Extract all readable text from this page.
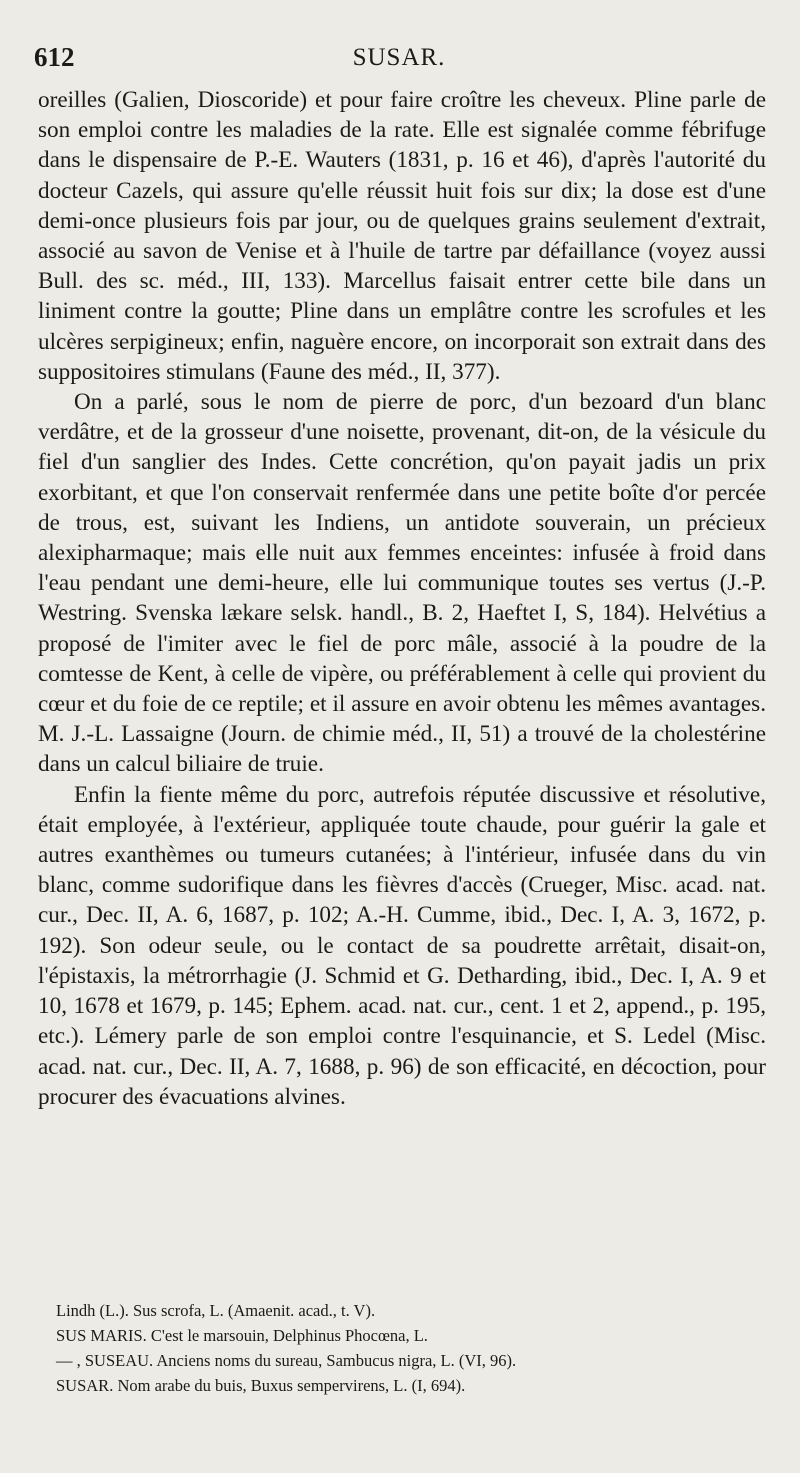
612	SUSAR.

oreilles (Galien, Dioscoride) et pour faire croître les cheveux. Pline parle de son emploi contre les maladies de la rate. Elle est signalée comme fébrifuge dans le dispensaire de P.-E. Wauters (1831, p. 16 et 46), d'après l'autorité du docteur Cazels, qui assure qu'elle réussit huit fois sur dix; la dose est d'une demi-once plusieurs fois par jour, ou de quelques grains seulement d'extrait, associé au savon de Venise et à l'huile de tartre par défaillance (voyez aussi Bull. des sc. méd., III, 133). Marcellus faisait entrer cette bile dans un liniment contre la goutte; Pline dans un emplâtre contre les scrofules et les ulcères serpigineux; enfin, naguère encore, on incorporait son extrait dans des suppositoires stimulans (Faune des méd., II, 377).

On a parlé, sous le nom de pierre de porc, d'un bezoard d'un blanc verdâtre, et de la grosseur d'une noisette, provenant, dit-on, de la vésicule du fiel d'un sanglier des Indes. Cette concrétion, qu'on payait jadis un prix exorbitant, et que l'on conservait renfermée dans une petite boîte d'or percée de trous, est, suivant les Indiens, un antidote souverain, un précieux alexipharmaque; mais elle nuit aux femmes enceintes: infusée à froid dans l'eau pendant une demi-heure, elle lui communique toutes ses vertus (J.-P. Westring. Svenska lækare selsk. handl., B. 2, Haeftet I, S, 184). Helvétius a proposé de l'imiter avec le fiel de porc mâle, associé à la poudre de la comtesse de Kent, à celle de vipère, ou préférablement à celle qui provient du cœur et du foie de ce reptile; et il assure en avoir obtenu les mêmes avantages. M. J.-L. Lassaigne (Journ. de chimie méd., II, 51) a trouvé de la cholestérine dans un calcul biliaire de truie.

Enfin la fiente même du porc, autrefois réputée discussive et résolutive, était employée, à l'extérieur, appliquée toute chaude, pour guérir la gale et autres exanthèmes ou tumeurs cutanées; à l'intérieur, infusée dans du vin blanc, comme sudorifique dans les fièvres d'accès (Crueger, Misc. acad. nat. cur., Dec. II, A. 6, 1687, p. 102; A.-H. Cumme, ibid., Dec. I, A. 3, 1672, p. 192). Son odeur seule, ou le contact de sa poudrette arrêtait, disait-on, l'épistaxis, la métrorrhagie (J. Schmid et G. Detharding, ibid., Dec. I, A. 9 et 10, 1678 et 1679, p. 145; Ephem. acad. nat. cur., cent. 1 et 2, append., p. 195, etc.). Lémery parle de son emploi contre l'esquinancie, et S. Ledel (Misc. acad. nat. cur., Dec. II, A. 7, 1688, p. 96) de son efficacité, en décoction, pour procurer des évacuations alvines.

Lindh (L.). Sus scrofa, L. (Amaenit. acad., t. V).

SUS MARIS. C'est le marsouin, Delphinus Phocœna, L.

— , SUSEAU. Anciens noms du sureau, Sambucus nigra, L. (VI, 96).

SUSAR. Nom arabe du buis, Buxus sempervirens, L. (I, 694).
